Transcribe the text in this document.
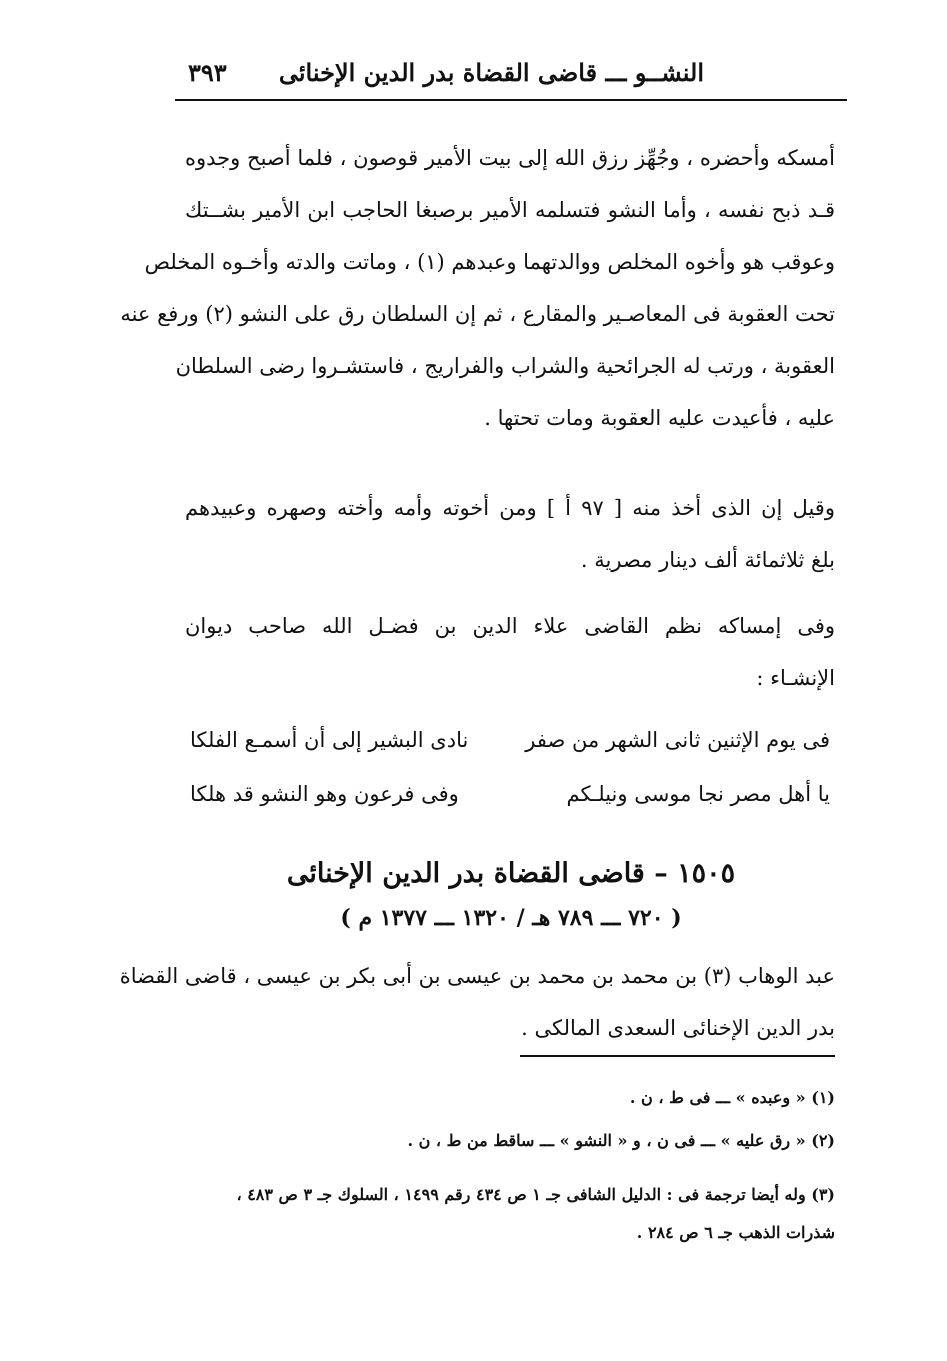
النشــو ـــ قاضى القضاة بدر الدين الإخنائى
٣٩٣
أمسكه وأحضره ، وجُهِّز رزق الله إلى بيت الأمير قوصون ، فلما أصبح وجدوه
قـد ذبح نفسه ، وأما النشو فتسلمه الأمير برصبغا الحاجب ابن الأمير بشــتك
وعوقب هو وأخوه المخلص ووالدتهما وعبدهم (١) ، وماتت والدته وأخـوه المخلص
تحت العقوبة فى المعاصـير والمقارع ، ثم إن السلطان رق على النشو (٢) ورفع عنه
العقوبة ، ورتب له الجرائحية والشراب والفراريج ، فاستشـروا رضى السلطان
عليه ، فأعيدت عليه العقوبة ومات تحتها .
وقيل إن الذى أخذ منه [ ٩٧ أ ] ومن أخوته وأمه وأخته وصهره وعبيدهم
بلغ ثلاثمائة ألف دينار مصرية .
وفى إمساكه نظم القاضى علاء الدين بن فضـل الله صاحب ديوان
الإنشـاء :
فى يوم الإثنين ثانى الشهر من صفر
نادى البشير إلى أن أسمـع الفلكا
يا أهل مصر نجا موسى ونيلـكم
وفى فرعون وهو النشو قد هلكا
١٥٠٥ – قاضى القضاة بدر الدين الإخنائى
( ٧٢٠ ـــ ٧٨٩ هـ / ١٣٢٠ ـــ ١٣٧٧ م )
عبد الوهاب (٣) بن محمد بن محمد بن عيسى بن أبى بكر بن عيسى ، قاضى القضاة
بدر الدين الإخنائى السعدى المالكى .
(١) « وعبده » ـــ فى ط ، ن .
(٢) « رق عليه » ـــ فى ن ، و « النشو » ـــ ساقط من ط ، ن .
(٣) وله أيضا ترجمة فى : الدليل الشافى جـ ١ ص ٤٣٤ رقم ١٤٩٩ ، السلوك جـ ٣ ص ٤٨٣ ، شذرات الذهب جـ ٦ ص ٢٨٤ .
